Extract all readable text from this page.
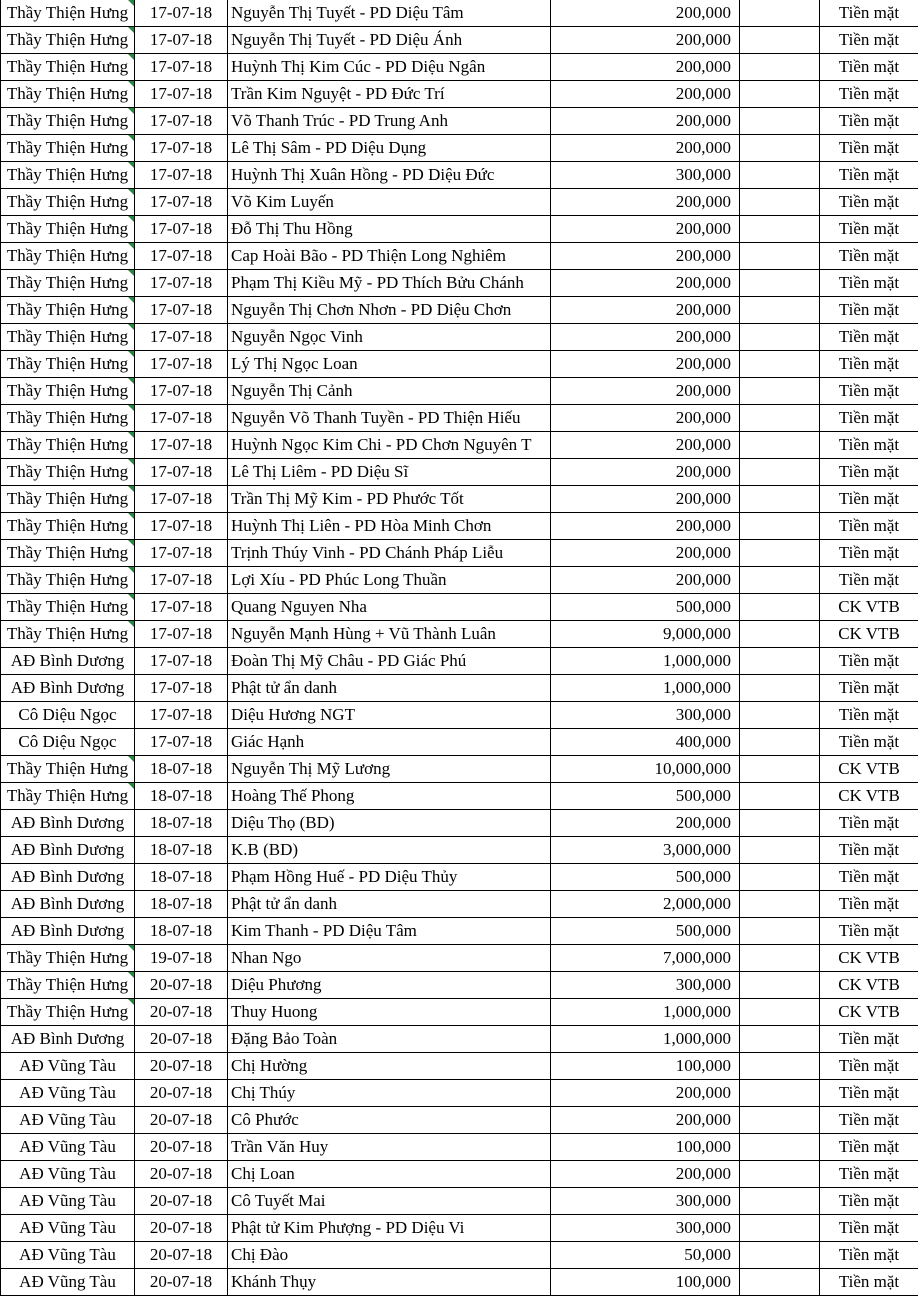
Thầy Thiện Hưng	17-07-18	Nguyễn Thị Tuyết - PD Diệu Tâm	200,000		Tiền mặt
Thầy Thiện Hưng	17-07-18	Nguyễn Thị Tuyết - PD Diệu Ánh	200,000		Tiền mặt
Thầy Thiện Hưng	17-07-18	Huỳnh Thị Kim Cúc - PD Diệu Ngân	200,000		Tiền mặt
Thầy Thiện Hưng	17-07-18	Trần Kim Nguyệt - PD Đức Trí	200,000		Tiền mặt
Thầy Thiện Hưng	17-07-18	Võ Thanh Trúc - PD Trung Anh	200,000		Tiền mặt
Thầy Thiện Hưng	17-07-18	Lê Thị Sâm - PD Diệu Dụng	200,000		Tiền mặt
Thầy Thiện Hưng	17-07-18	Huỳnh Thị Xuân Hồng - PD Diệu Đức	300,000		Tiền mặt
Thầy Thiện Hưng	17-07-18	Võ Kim Luyến	200,000		Tiền mặt
Thầy Thiện Hưng	17-07-18	Đỗ Thị Thu Hồng	200,000		Tiền mặt
Thầy Thiện Hưng	17-07-18	Cap Hoài Bão - PD Thiện Long Nghiêm	200,000		Tiền mặt
Thầy Thiện Hưng	17-07-18	Phạm Thị Kiều Mỹ - PD Thích Bửu Chánh	200,000		Tiền mặt
Thầy Thiện Hưng	17-07-18	Nguyễn Thị Chơn Nhơn - PD Diệu Chơn	200,000		Tiền mặt
Thầy Thiện Hưng	17-07-18	Nguyễn Ngọc Vinh	200,000		Tiền mặt
Thầy Thiện Hưng	17-07-18	Lý Thị Ngọc Loan	200,000		Tiền mặt
Thầy Thiện Hưng	17-07-18	Nguyễn Thị Cảnh	200,000		Tiền mặt
Thầy Thiện Hưng	17-07-18	Nguyễn Võ Thanh Tuyền - PD Thiện Hiếu	200,000		Tiền mặt
Thầy Thiện Hưng	17-07-18	Huỳnh Ngọc Kim Chi - PD Chơn Nguyên T	200,000		Tiền mặt
Thầy Thiện Hưng	17-07-18	Lê Thị Liêm - PD Diệu Sĩ	200,000		Tiền mặt
Thầy Thiện Hưng	17-07-18	Trần Thị Mỹ Kim - PD Phước Tốt	200,000		Tiền mặt
Thầy Thiện Hưng	17-07-18	Huỳnh Thị Liên - PD Hòa Minh Chơn	200,000		Tiền mặt
Thầy Thiện Hưng	17-07-18	Trịnh Thúy Vinh - PD Chánh Pháp Liễu	200,000		Tiền mặt
Thầy Thiện Hưng	17-07-18	Lợi Xíu - PD Phúc Long Thuần	200,000		Tiền mặt
Thầy Thiện Hưng	17-07-18	Quang Nguyen Nha	500,000		CK VTB
Thầy Thiện Hưng	17-07-18	Nguyễn Mạnh Hùng + Vũ Thành Luân	9,000,000		CK VTB
AĐ Bình Dương	17-07-18	Đoàn Thị Mỹ Châu - PD Giác Phú	1,000,000		Tiền mặt
AĐ Bình Dương	17-07-18	Phật tử ẩn danh	1,000,000		Tiền mặt
Cô Diệu Ngọc	17-07-18	Diệu Hương NGT	300,000		Tiền mặt
Cô Diệu Ngọc	17-07-18	Giác Hạnh	400,000		Tiền mặt
Thầy Thiện Hưng	18-07-18	Nguyễn Thị Mỹ Lương	10,000,000		CK VTB
Thầy Thiện Hưng	18-07-18	Hoàng Thế Phong	500,000		CK VTB
AĐ Bình Dương	18-07-18	Diệu Thọ (BD)	200,000		Tiền mặt
AĐ Bình Dương	18-07-18	K.B (BD)	3,000,000		Tiền mặt
AĐ Bình Dương	18-07-18	Phạm Hồng Huế - PD Diệu Thủy	500,000		Tiền mặt
AĐ Bình Dương	18-07-18	Phật tử ẩn danh	2,000,000		Tiền mặt
AĐ Bình Dương	18-07-18	Kim Thanh - PD Diệu Tâm	500,000		Tiền mặt
Thầy Thiện Hưng	19-07-18	Nhan Ngo	7,000,000		CK VTB
Thầy Thiện Hưng	20-07-18	Diệu Phương	300,000		CK VTB
Thầy Thiện Hưng	20-07-18	Thuy Huong	1,000,000		CK VTB
AĐ Bình Dương	20-07-18	Đặng Bảo Toàn	1,000,000		Tiền mặt
AĐ Vũng Tàu	20-07-18	Chị Hường	100,000		Tiền mặt
AĐ Vũng Tàu	20-07-18	Chị Thúy	200,000		Tiền mặt
AĐ Vũng Tàu	20-07-18	Cô Phước	200,000		Tiền mặt
AĐ Vũng Tàu	20-07-18	Trần Văn Huy	100,000		Tiền mặt
AĐ Vũng Tàu	20-07-18	Chị Loan	200,000		Tiền mặt
AĐ Vũng Tàu	20-07-18	Cô Tuyết Mai	300,000		Tiền mặt
AĐ Vũng Tàu	20-07-18	Phật tử Kim Phượng - PD Diệu Vi	300,000		Tiền mặt
AĐ Vũng Tàu	20-07-18	Chị Đào	50,000		Tiền mặt
AĐ Vũng Tàu	20-07-18	Khánh Thụy	100,000		Tiền mặt
